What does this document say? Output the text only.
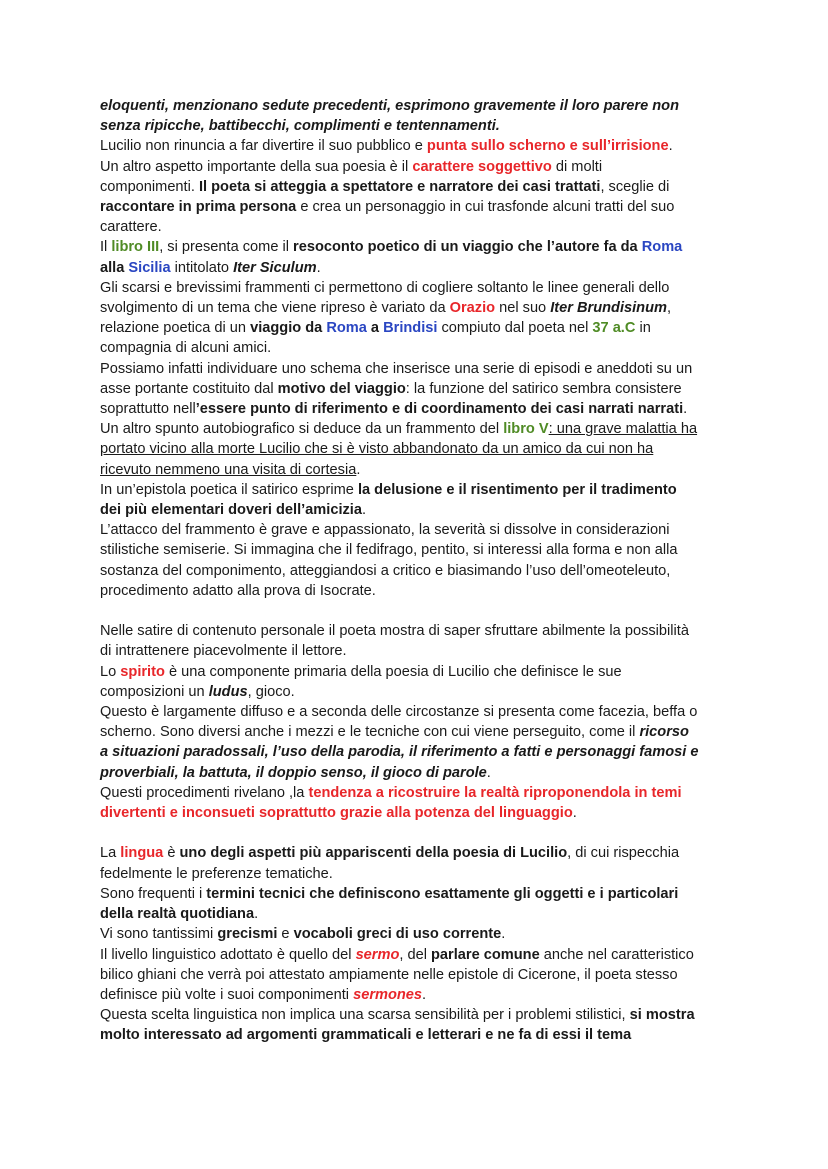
eloquenti, menzionano sedute precedenti, esprimono gravemente il loro parere non
senza ripicche, battibecchi, complimenti e tentennamenti.
Lucilio non rinuncia a far divertire il suo pubblico e punta sullo scherno e sull’irrisione.
Un altro aspetto importante della sua poesia è il carattere soggettivo di molti
componimenti. Il poeta si atteggia a spettatore e narratore dei casi trattati, sceglie di
raccontare in prima persona e crea un personaggio in cui trasfonde alcuni tratti del suo
carattere.
Il libro III, si presenta come il resoconto poetico di un viaggio che l’autore fa da Roma
alla Sicilia intitolato Iter Siculum.
Gli scarsi e brevissimi frammenti ci permettono di cogliere soltanto le linee generali dello
svolgimento di un tema che viene ripreso è variato da Orazio nel suo Iter Brundisinum,
relazione poetica di un viaggio da Roma a Brindisi compiuto dal poeta nel 37 a.C in
compagnia di alcuni amici.
Possiamo infatti individuare uno schema che inserisce una serie di episodi e aneddoti su un
asse portante costituito dal motivo del viaggio: la funzione del satirico sembra consistere
soprattutto nell’essere punto di riferimento e di coordinamento dei casi narrati narrati.
Un altro spunto autobiografico si deduce da un frammento del libro V: una grave malattia ha
portato vicino alla morte Lucilio che si è visto abbandonato da un amico da cui non ha
ricevuto nemmeno una visita di cortesia.
In un’epistola poetica il satirico esprime la delusione e il risentimento per il tradimento
dei più elementari doveri dell’amicizia.
L’attacco del frammento è grave e appassionato, la severità si dissolve in considerazioni
stilistiche semiserie. Si immagina che il fedifrago, pentito, si interessi alla forma e non alla
sostanza del componimento, atteggiandosi a critico e biasimando l’uso dell’omeoteleuto,
procedimento adatto alla prova di Isocrate.
Nelle satire di contenuto personale il poeta mostra di saper sfruttare abilmente la possibilità
di intrattenere piacevolmente il lettore.
Lo spirito è una componente primaria della poesia di Lucilio che definisce le sue
composizioni un ludus, gioco.
Questo è largamente diffuso e a seconda delle circostanze si presenta come facezia, beffa o
scherno. Sono diversi anche i mezzi e le tecniche con cui viene perseguito, come il ricorso
a situazioni paradossali, l’uso della parodia, il riferimento a fatti e personaggi famosi e
proverbiali, la battuta, il doppio senso, il gioco di parole.
Questi procedimenti rivelano ,la tendenza a ricostruire la realtà riproponendola in temi
divertenti e inconsueti soprattutto grazie alla potenza del linguaggio.
La lingua è uno degli aspetti più appariscenti della poesia di Lucilio, di cui rispecchia
fedelmente le preferenze tematiche.
Sono frequenti i termini tecnici che definiscono esattamente gli oggetti e i particolari
della realtà quotidiana.
Vi sono tantissimi grecismi e vocaboli greci di uso corrente.
Il livello linguistico adottato è quello del sermo, del parlare comune anche nel caratteristico
bilico ghiani che verrà poi attestato ampiamente nelle epistole di Cicerone, il poeta stesso
definisce più volte i suoi componimenti sermones.
Questa scelta linguistica non implica una scarsa sensibilità per i problemi stilistici, si mostra
molto interessato ad argomenti grammaticali e letterari e ne fa di essi il tema
